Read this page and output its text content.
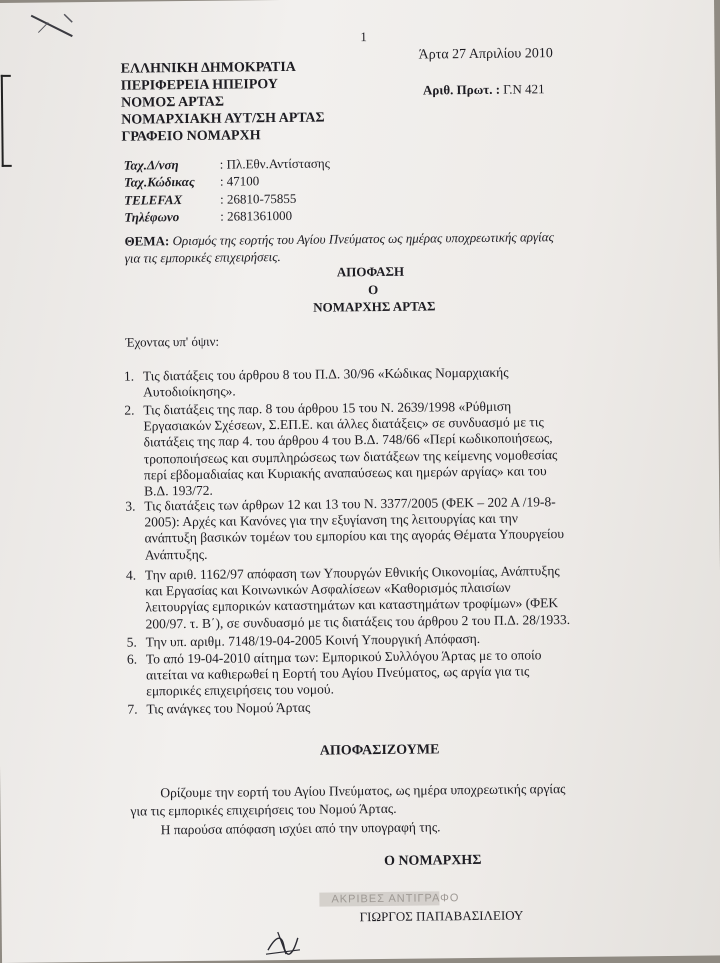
1
ΕΛΛΗΝΙΚΗ ΔΗΜΟΚΡΑΤΙΑ
ΠΕΡΙΦΕΡΕΙΑ ΗΠΕΙΡΟΥ
ΝΟΜΟΣ ΑΡΤΑΣ
ΝΟΜΑΡΧΙΑΚΗ ΑΥΤ/ΣΗ ΑΡΤΑΣ
ΓΡΑΦΕΙΟ ΝΟΜΑΡΧΗ
Άρτα 27 Απριλίου 2010
Αριθ. Πρωτ. : Γ.Ν 421
Ταχ.Δ/νση	: Πλ.Εθν.Αντίστασης
Ταχ.Κώδικας : 47100
TELEFAX	: 26810-75855
Τηλέφωνο	: 2681361000
ΘΕΜΑ: Ορισμός της εορτής του Αγίου Πνεύματος ως ημέρας υποχρεωτικής αργίας
για τις εμπορικές επιχειρήσεις.
ΑΠΟΦΑΣΗ
Ο
ΝΟΜΑΡΧΗΣ ΑΡΤΑΣ
Έχοντας υπ' όψιν:
1. Τις διατάξεις του άρθρου 8 του Π.Δ. 30/96 «Κώδικας Νομαρχιακής
Αυτοδιοίκησης».
2. Τις διατάξεις της παρ. 8 του άρθρου 15 του Ν. 2639/1998 «Ρύθμιση
Εργασιακών Σχέσεων, Σ.ΕΠ.Ε. και άλλες διατάξεις» σε συνδυασμό με τις
διατάξεις της παρ 4. του άρθρου 4 του Β.Δ. 748/66 «Περί κωδικοποιήσεως,
τροποποιήσεως και συμπληρώσεως των διατάξεων της κείμενης νομοθεσίας
περί εβδομαδιαίας και Κυριακής αναπαύσεως και ημερών αργίας» και του
Β.Δ. 193/72.
3. Τις διατάξεις των άρθρων 12 και 13 του Ν. 3377/2005 (ΦΕΚ – 202 Α /19-8-
2005): Αρχές και Κανόνες για την εξυγίανση της λειτουργίας και την
ανάπτυξη βασικών τομέων του εμπορίου και της αγοράς Θέματα Υπουργείου
Ανάπτυξης.
4. Την αριθ. 1162/97 απόφαση των Υπουργών Εθνικής Οικονομίας, Ανάπτυξης
και Εργασίας και Κοινωνικών Ασφαλίσεων «Καθορισμός πλαισίων
λειτουργίας εμπορικών καταστημάτων και καταστημάτων τροφίμων» (ΦΕΚ
200/97. τ. Β΄), σε συνδυασμό με τις διατάξεις του άρθρου 2 του Π.Δ. 28/1933.
5. Την υπ. αριθμ. 7148/19-04-2005 Κοινή Υπουργική Απόφαση.
6. Το από 19-04-2010 αίτημα των: Εμπορικού Συλλόγου Άρτας με το οποίο
αιτείται να καθιερωθεί η Εορτή του Αγίου Πνεύματος, ως αργία για τις
εμπορικές επιχειρήσεις του νομού.
7. Τις ανάγκες του Νομού Άρτας
ΑΠΟΦΑΣΙΖΟΥΜΕ
Ορίζουμε την εορτή του Αγίου Πνεύματος, ως ημέρα υποχρεωτικής αργίας
για τις εμπορικές επιχειρήσεις του Νομού Άρτας.
Η παρούσα απόφαση ισχύει από την υπογραφή της.
Ο ΝΟΜΑΡΧΗΣ
ΑΚΡΙΒΕΣ ΑΝΤΙΓΡΑΦΟ
ΓΙΩΡΓΟΣ ΠΑΠΑΒΑΣΙΛΕΙΟΥ
